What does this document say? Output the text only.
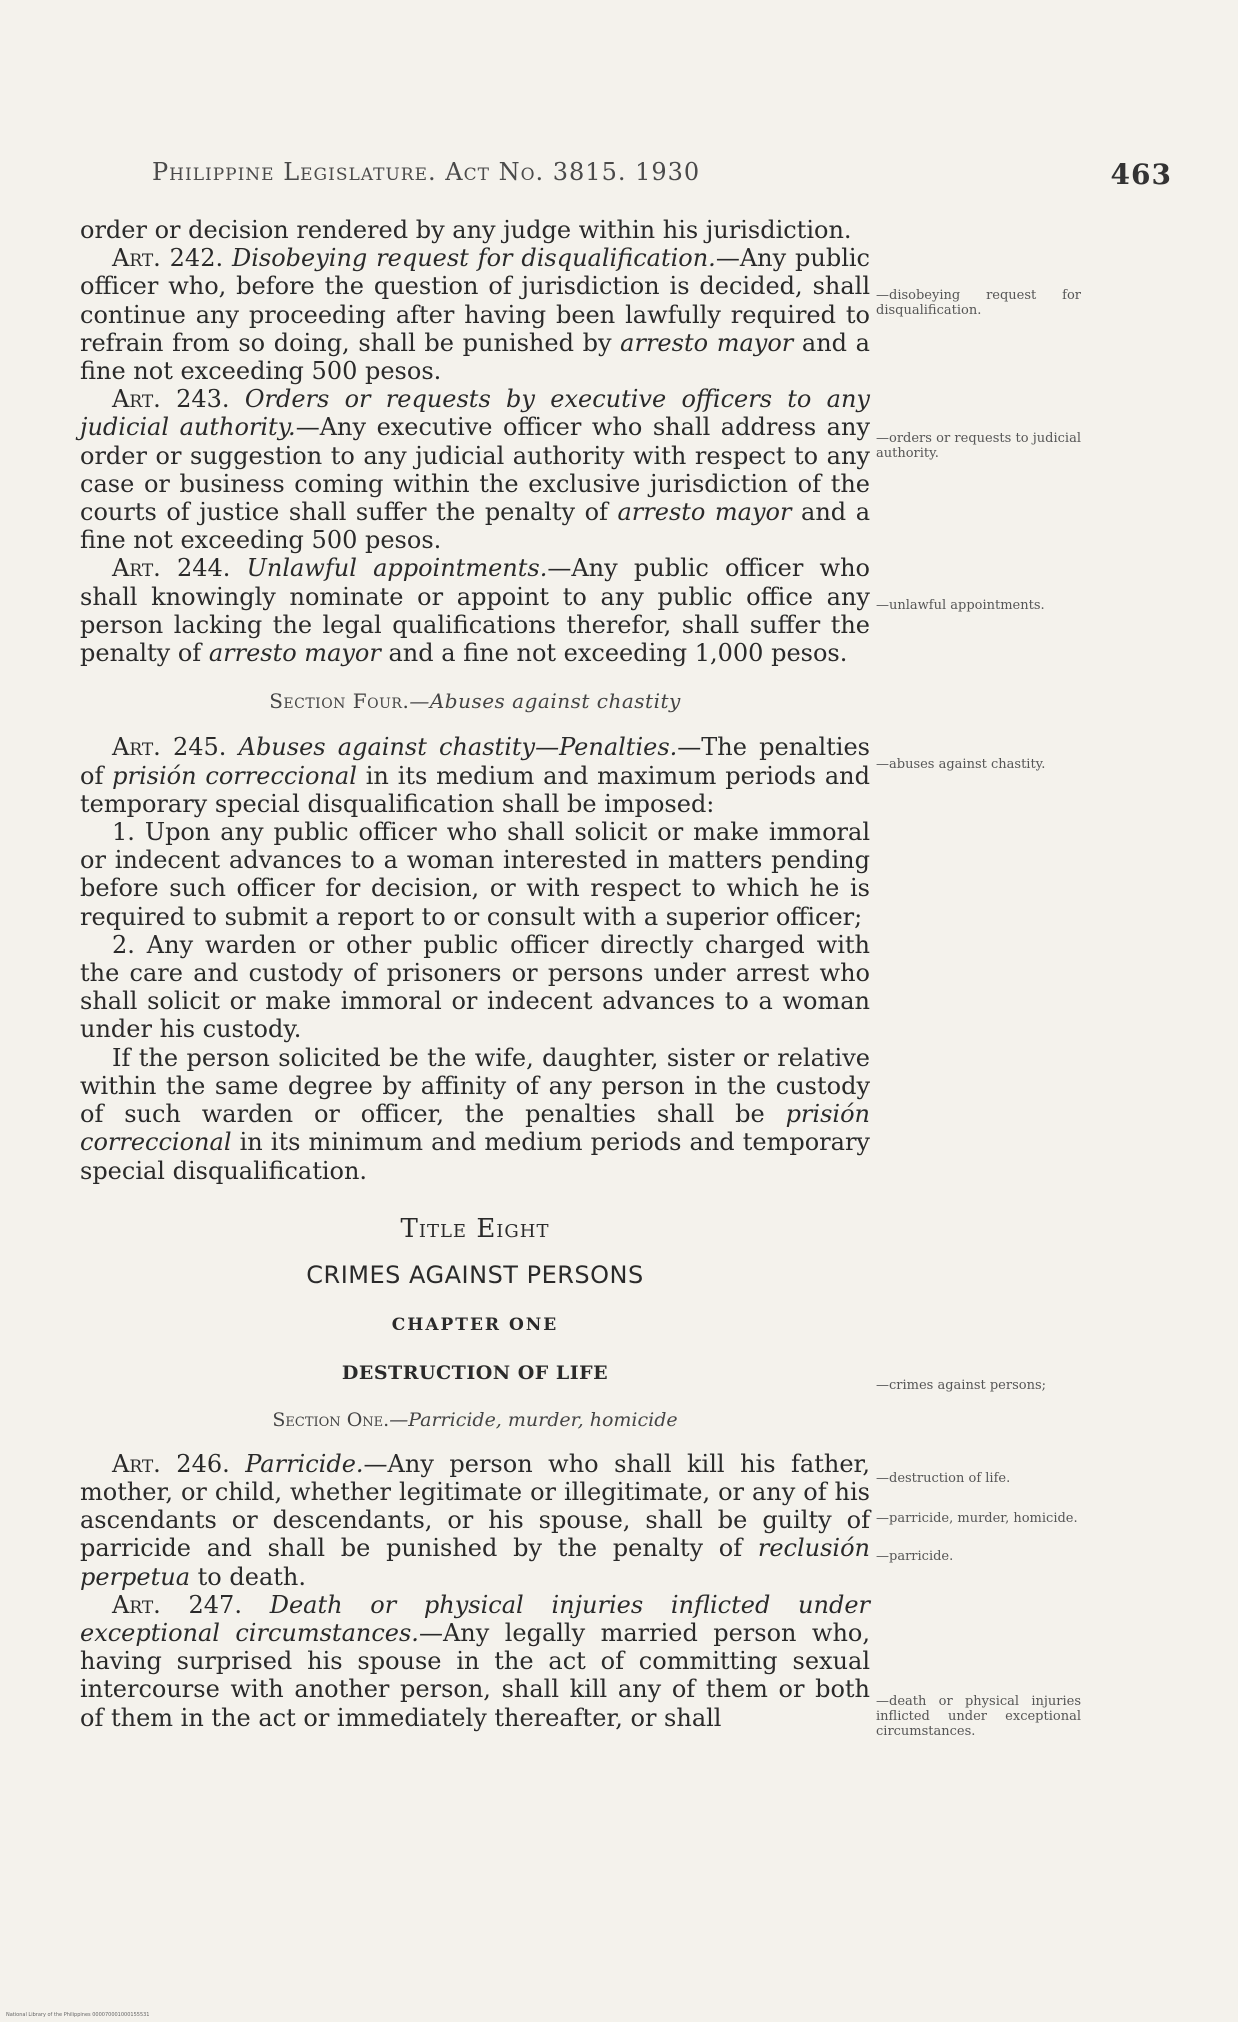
Philippine Legislature. Act No. 3815. 1930	463

order or decision rendered by any judge within his jurisdiction.

Art. 242. Disobeying request for disqualification.—Any public officer who, before the question of jurisdiction is decided, shall continue any proceeding after having been lawfully required to refrain from so doing, shall be punished by arresto mayor and a fine not exceeding 500 pesos.

Art. 243. Orders or requests by executive officers to any judicial authority.—Any executive officer who shall address any order or suggestion to any judicial authority with respect to any case or business coming within the exclusive jurisdiction of the courts of justice shall suffer the penalty of arresto mayor and a fine not exceeding 500 pesos.

Art. 244. Unlawful appointments.—Any public officer who shall knowingly nominate or appoint to any public office any person lacking the legal qualifications therefor, shall suffer the penalty of arresto mayor and a fine not exceeding 1,000 pesos.

Section Four.—Abuses against chastity

Art. 245. Abuses against chastity—Penalties.—The penalties of prisión correccional in its medium and maximum periods and temporary special disqualification shall be imposed:

1. Upon any public officer who shall solicit or make immoral or indecent advances to a woman interested in matters pending before such officer for decision, or with respect to which he is required to submit a report to or consult with a superior officer;

2. Any warden or other public officer directly charged with the care and custody of prisoners or persons under arrest who shall solicit or make immoral or indecent advances to a woman under his custody.

If the person solicited be the wife, daughter, sister or relative within the same degree by affinity of any person in the custody of such warden or officer, the penalties shall be prisión correccional in its minimum and medium periods and temporary special disqualification.

Title Eight
CRIMES AGAINST PERSONS
CHAPTER ONE
DESTRUCTION OF LIFE
Section One.—Parricide, murder, homicide

Art. 246. Parricide.—Any person who shall kill his father, mother, or child, whether legitimate or illegitimate, or any of his ascendants or descendants, or his spouse, shall be guilty of parricide and shall be punished by the penalty of reclusión perpetua to death.

Art. 247. Death or physical injuries inflicted under exceptional circumstances.—Any legally married person who, having surprised his spouse in the act of committing sexual intercourse with another person, shall kill any of them or both of them in the act or immediately thereafter, or shall

—disobeying request for disqualification.
—orders or requests to judicial authority.
—unlawful appointments.
—abuses against chastity.
—crimes against persons;
—destruction of life.
—parricide, murder, homicide.
—parricide.
—death or physical injuries inflicted under exceptional circumstances.
National Library of the Philippines 000070001000155531
